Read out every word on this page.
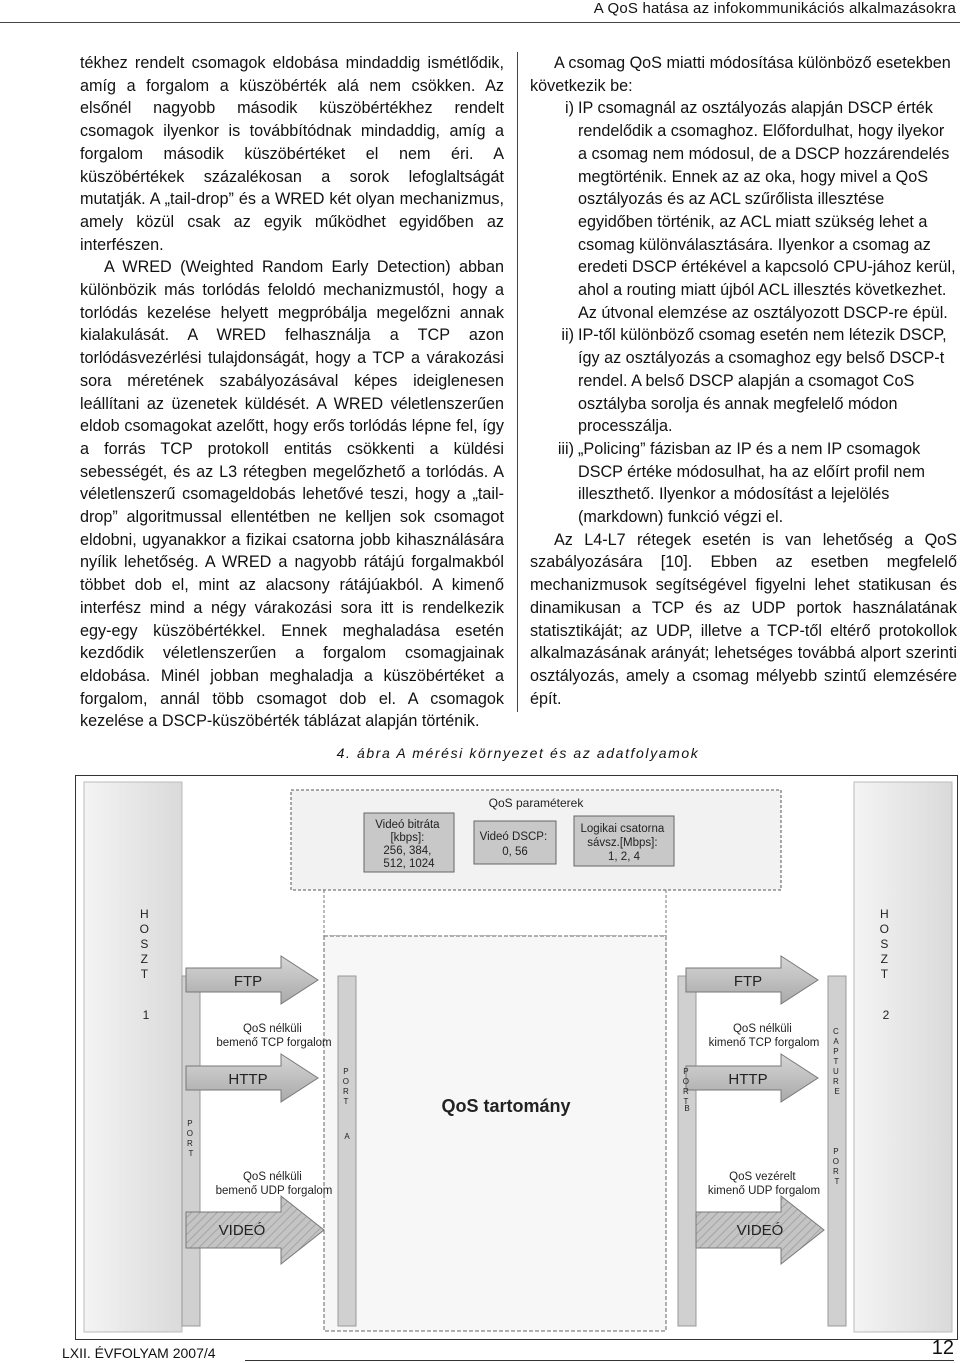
A QoS hatása az infokommunikációs alkalmazásokra

tékhez rendelt csomagok eldobása mindaddig ismétlődik, amíg a forgalom a küszöbérték alá nem csökken. Az elsőnél nagyobb második küszöbértékhez rendelt csomagok ilyenkor is továbbítódnak mindaddig, amíg a forgalom második küszöbértéket el nem éri. A küszöbértékek százalékosan a sorok lefoglaltságát mutatják. A „tail-drop” és a WRED két olyan mechanizmus, amely közül csak az egyik működhet egyidőben az interfészen.

A WRED (Weighted Random Early Detection) abban különbözik más torlódás feloldó mechanizmustól, hogy a torlódás kezelése helyett megpróbálja megelőzni annak kialakulását. A WRED felhasználja a TCP azon torlódásvezérlési tulajdonságát, hogy a TCP a várakozási sora méretének szabályozásával képes ideiglenesen leállítani az üzenetek küldését. A WRED véletlenszerűen eldob csomagokat azelőtt, hogy erős torlódás lépne fel, így a forrás TCP protokoll entitás csökkenti a küldési sebességét, és az L3 rétegben megelőzhető a torlódás. A véletlenszerű csomageldobás lehetővé teszi, hogy a „tail-drop” algoritmussal ellentétben ne kelljen sok csomagot eldobni, ugyanakkor a fizikai csatorna jobb kihasználására nyílik lehetőség. A WRED a nagyobb rátájú forgalmakból többet dob el, mint az alacsony rátájúakból. A kimenő interfész mind a négy várakozási sora itt is rendelkezik egy-egy küszöbértékkel. Ennek meghaladása esetén kezdődik véletlenszerűen a forgalom csomagjainak eldobása. Minél jobban meghaladja a küszöbértéket a forgalom, annál több csomagot dob el. A csomagok kezelése a DSCP-küszöbérték táblázat alapján történik.

A csomag QoS miatti módosítása különböző esetekben következik be:

i) IP csomagnál az osztályozás alapján DSCP érték rendelődik a csomaghoz. Előfordulhat, hogy ilyekor a csomag nem módosul, de a DSCP hozzárendelés megtörténik. Ennek az az oka, hogy mivel a QoS osztályozás és az ACL szűrőlista illesztése egyidőben történik, az ACL miatt szükség lehet a csomag különválasztására. Ilyenkor a csomag az eredeti DSCP értékével a kapcsoló CPU-jához kerül, ahol a routing miatt újból ACL illesztés következhet. Az útvonal elemzése az osztályozott DSCP-re épül.
ii) IP-től különböző csomag esetén nem létezik DSCP, így az osztályozás a csomaghoz egy belső DSCP-t rendel. A belső DSCP alapján a csomagot CoS osztályba sorolja és annak megfelelő módon processzálja.
iii) „Policing” fázisban az IP és a nem IP csomagok DSCP értéke módosulhat, ha az előírt profil nem illeszthető. Ilyenkor a módosítást a lejelölés (markdown) funkció végzi el.

Az L4-L7 rétegek esetén is van lehetőség a QoS szabályozására [10]. Ebben az esetben megfelelő mechanizmusok segítségével figyelni lehet statikusan és dinamikusan a TCP és az UDP portok használatának statisztikáját; az UDP, illetve a TCP-től eltérő protokollok alkalmazásának arányát; lehetséges továbbá alport szerinti osztályozás, amely a csomag mélyebb szintű elemzésére épít.

4. ábra A mérési környezet és az adatfolyamok
QoS paraméterek
Videó bitráta [kbps]: 256, 384, 512, 1024
Videó DSCP: 0, 56
Logikai csatorna sávsz.[Mbps]: 1, 2, 4
QoS tartomány
FTP
QoS nélküli bemenő TCP forgalom
HTTP
QoS nélküli bemenő UDP forgalom
VIDEÓ
FTP
QoS nélküli kimenő TCP forgalom
HTTP
QoS vezérelt kimenő UDP forgalom
VIDEÓ
H O S Z T 1
P O R T
P O R T A
P O R T B
C A P T U R E
P O R T
H O S Z T 2
LXII. ÉVFOLYAM 2007/4	12
